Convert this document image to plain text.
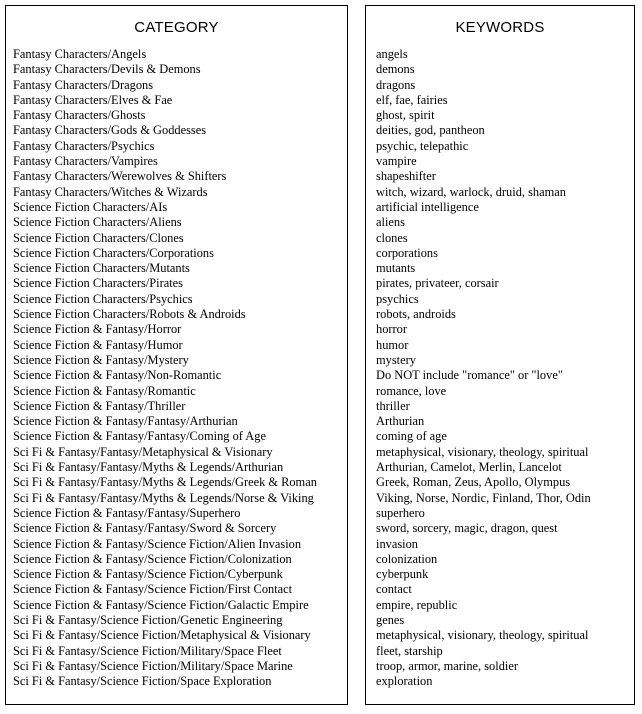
CATEGORY
Fantasy Characters/Angels
Fantasy Characters/Devils & Demons
Fantasy Characters/Dragons
Fantasy Characters/Elves & Fae
Fantasy Characters/Ghosts
Fantasy Characters/Gods & Goddesses
Fantasy Characters/Psychics
Fantasy Characters/Vampires
Fantasy Characters/Werewolves & Shifters
Fantasy Characters/Witches & Wizards
Science Fiction Characters/AIs
Science Fiction Characters/Aliens
Science Fiction Characters/Clones
Science Fiction Characters/Corporations
Science Fiction Characters/Mutants
Science Fiction Characters/Pirates
Science Fiction Characters/Psychics
Science Fiction Characters/Robots & Androids
Science Fiction & Fantasy/Horror
Science Fiction & Fantasy/Humor
Science Fiction & Fantasy/Mystery
Science Fiction & Fantasy/Non-Romantic
Science Fiction & Fantasy/Romantic
Science Fiction & Fantasy/Thriller
Science Fiction & Fantasy/Fantasy/Arthurian
Science Fiction & Fantasy/Fantasy/Coming of Age
Sci Fi & Fantasy/Fantasy/Metaphysical & Visionary
Sci Fi & Fantasy/Fantasy/Myths & Legends/Arthurian
Sci Fi & Fantasy/Fantasy/Myths & Legends/Greek & Roman
Sci Fi & Fantasy/Fantasy/Myths & Legends/Norse & Viking
Science Fiction & Fantasy/Fantasy/Superhero
Science Fiction & Fantasy/Fantasy/Sword & Sorcery
Science Fiction & Fantasy/Science Fiction/Alien Invasion
Science Fiction & Fantasy/Science Fiction/Colonization
Science Fiction & Fantasy/Science Fiction/Cyberpunk
Science Fiction & Fantasy/Science Fiction/First Contact
Science Fiction & Fantasy/Science Fiction/Galactic Empire
Sci Fi & Fantasy/Science Fiction/Genetic Engineering
Sci Fi & Fantasy/Science Fiction/Metaphysical & Visionary
Sci Fi & Fantasy/Science Fiction/Military/Space Fleet
Sci Fi & Fantasy/Science Fiction/Military/Space Marine
Sci Fi & Fantasy/Science Fiction/Space Exploration
KEYWORDS
angels
demons
dragons
elf, fae, fairies
ghost, spirit
deities, god, pantheon
psychic, telepathic
vampire
shapeshifter
witch, wizard, warlock, druid, shaman
artificial intelligence
aliens
clones
corporations
mutants
pirates, privateer, corsair
psychics
robots, androids
horror
humor
mystery
Do NOT include "romance" or "love"
romance, love
thriller
Arthurian
coming of age
metaphysical, visionary, theology, spiritual
Arthurian, Camelot, Merlin, Lancelot
Greek, Roman, Zeus, Apollo, Olympus
Viking, Norse, Nordic, Finland, Thor, Odin
superhero
sword, sorcery, magic, dragon, quest
invasion
colonization
cyberpunk
contact
empire, republic
genes
metaphysical, visionary, theology, spiritual
fleet, starship
troop, armor, marine, soldier
exploration
